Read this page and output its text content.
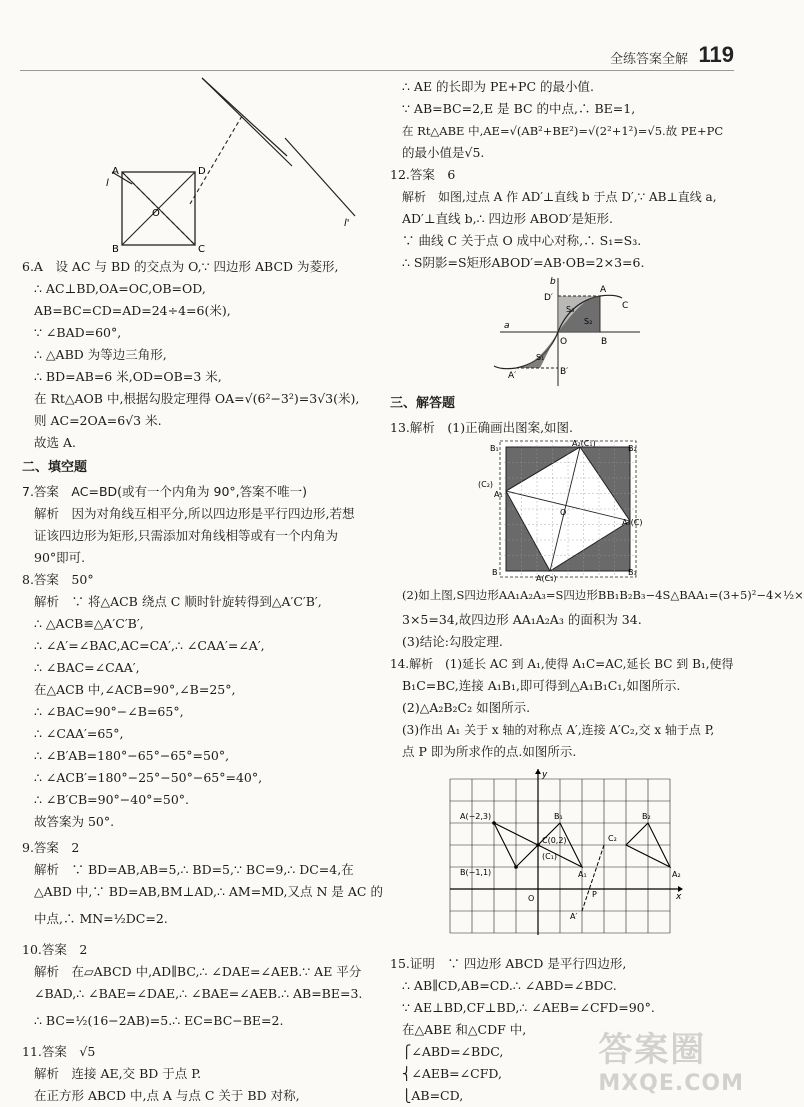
全练答案全解 119
A	D
B	C
O
l
l'
6.A　设 AC 与 BD 的交点为 O,∵ 四边形 ABCD 为菱形,
∴ AC⊥BD,OA=OC,OB=OD,
AB=BC=CD=AD=24÷4=6(米),
∵ ∠BAD=60°,
∴ △ABD 为等边三角形,
∴ BD=AB=6 米,OD=OB=3 米,
在 Rt△AOB 中,根据勾股定理得 OA=√(6²−3²)=3√3(米),
则 AC=2OA=6√3 米.
故选 A.
二、填空题
7.答案　AC=BD(或有一个内角为 90°,答案不唯一)
解析　因为对角线互相平分,所以四边形是平行四边形,若想
证该四边形为矩形,只需添加对角线相等或有一个内角为
90°即可.
8.答案　50°
解析　∵ 将△ACB 绕点 C 顺时针旋转得到△A′C′B′,
∴ △ACB≌△A′C′B′,
∴ ∠A′=∠BAC,AC=CA′,∴ ∠CAA′=∠A′,
∴ ∠BAC=∠CAA′,
在△ACB 中,∠ACB=90°,∠B=25°,
∴ ∠BAC=90°−∠B=65°,
∴ ∠CAA′=65°,
∴ ∠B′AB=180°−65°−65°=50°,
∴ ∠ACB′=180°−25°−50°−65°=40°,
∴ ∠B′CB=90°−40°=50°.
故答案为 50°.
9.答案　2
解析　∵ BD=AB,AB=5,∴ BD=5,∵ BC=9,∴ DC=4,在
△ABD 中,∵ BD=AB,BM⊥AD,∴ AM=MD,又点 N 是 AC 的
中点,∴ MN=½DC=2.
10.答案　2
解析　在▱ABCD 中,AD∥BC,∴ ∠DAE=∠AEB.∵ AE 平分
∠BAD,∴ ∠BAE=∠DAE,∴ ∠BAE=∠AEB.∴ AB=BE=3.
∴ BC=½(16−2AB)=5.∴ EC=BC−BE=2.
11.答案　√5
解析　连接 AE,交 BD 于点 P.
在正方形 ABCD 中,点 A 与点 C 关于 BD 对称,
∴ AE 的长即为 PE+PC 的最小值.
∵ AB=BC=2,E 是 BC 的中点,∴ BE=1,
在 Rt△ABE 中,AE=√(AB²+BE²)=√(2²+1²)=√5.故 PE+PC
的最小值是√5.
12.答案　6
解析　如图,过点 A 作 AD′⊥直线 b 于点 D′,∵ AB⊥直线 a,
AD′⊥直线 b,∴ 四边形 ABOD′是矩形.
∵ 曲线 C 关于点 O 成中心对称,∴ S₁=S₃.
∴ S阴影=S矩形ABOD′=AB·OB=2×3=6.
b
a
A
D′
B
C
O
S₃
S₂
S₁
A′	B′
三、解答题
13.解析　(1)正确画出图案,如图.
A₂(C₁)
(C₂)
A₁
A₃(C)
B₁	B₂
B
A(C₃)
B₃
O
(2)如上图,S四边形AA₁A₂A₃=S四边形BB₁B₂B₃−4S△BAA₁=(3+5)²−4×½×
3×5=34,故四边形 AA₁A₂A₃ 的面积为 34.
(3)结论:勾股定理.
14.解析　(1)延长 AC 到 A₁,使得 A₁C=AC,延长 BC 到 B₁,使得
B₁C=BC,连接 A₁B₁,即可得到△A₁B₁C₁,如图所示.
(2)△A₂B₂C₂ 如图所示.
(3)作出 A₁ 关于 x 轴的对称点 A′,连接 A′C₂,交 x 轴于点 P,
点 P 即为所求作的点.如图所示.
y
x
A(−2,3)	B₁	B₂
C(0,2)
(C₁)
C₂
B(−1,1)	A₁	A₂
P
O
A′
15.证明　∵ 四边形 ABCD 是平行四边形,
∴ AB∥CD,AB=CD.∴ ∠ABD=∠BDC.
∵ AE⊥BD,CF⊥BD,∴ ∠AEB=∠CFD=90°.
在△ABE 和△CDF 中,
⎧∠ABD=∠BDC,
⎨∠AEB=∠CFD,
⎩AB=CD,
答案圈
MXQE.COM
